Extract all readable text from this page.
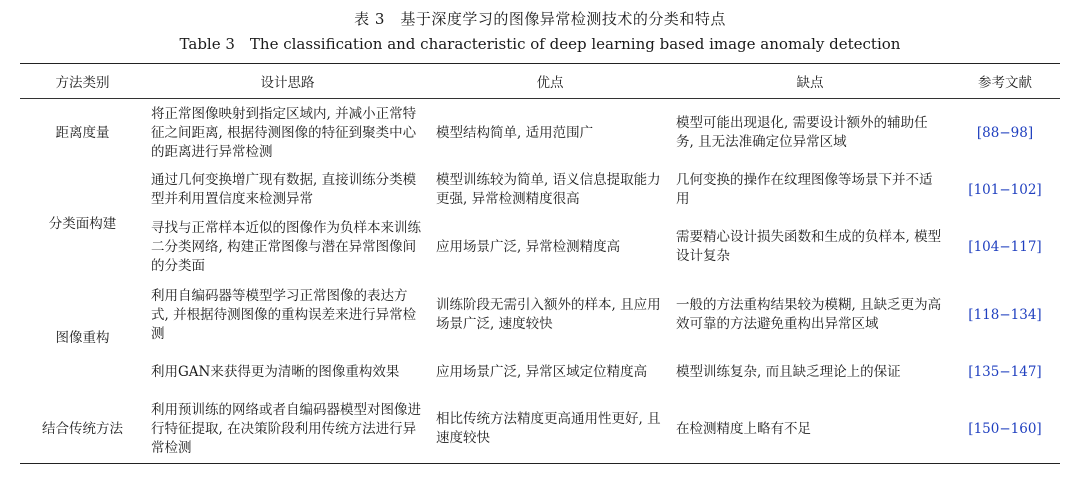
表 3　基于深度学习的图像异常检测技术的分类和特点
Table 3　The classification and characteristic of deep learning based image anomaly detection
方法类别	设计思路	优点	缺点	参考文献
距离度量	将正常图像映射到指定区域内, 并减小正常特征之间距离, 根据待测图像的特征到聚类中心的距离进行异常检测	模型结构简单, 适用范围广	模型可能出现退化, 需要设计额外的辅助任务, 且无法准确定位异常区域	[88−98]
分类面构建	通过几何变换增广现有数据, 直接训练分类模型并利用置信度来检测异常	模型训练较为简单, 语义信息提取能力更强, 异常检测精度很高	几何变换的操作在纹理图像等场景下并不适用	[101−102]
	寻找与正常样本近似的图像作为负样本来训练二分类网络, 构建正常图像与潜在异常图像间的分类面	应用场景广泛, 异常检测精度高	需要精心设计损失函数和生成的负样本, 模型设计复杂	[104−117]
图像重构	利用自编码器等模型学习正常图像的表达方式, 并根据待测图像的重构误差来进行异常检测	训练阶段无需引入额外的样本, 且应用场景广泛, 速度较快	一般的方法重构结果较为模糊, 且缺乏更为高效可靠的方法避免重构出异常区域	[118−134]
	利用GAN来获得更为清晰的图像重构效果	应用场景广泛, 异常区域定位精度高	模型训练复杂, 而且缺乏理论上的保证	[135−147]
结合传统方法	利用预训练的网络或者自编码器模型对图像进行特征提取, 在决策阶段利用传统方法进行异常检测	相比传统方法精度更高通用性更好, 且速度较快	在检测精度上略有不足	[150−160]
